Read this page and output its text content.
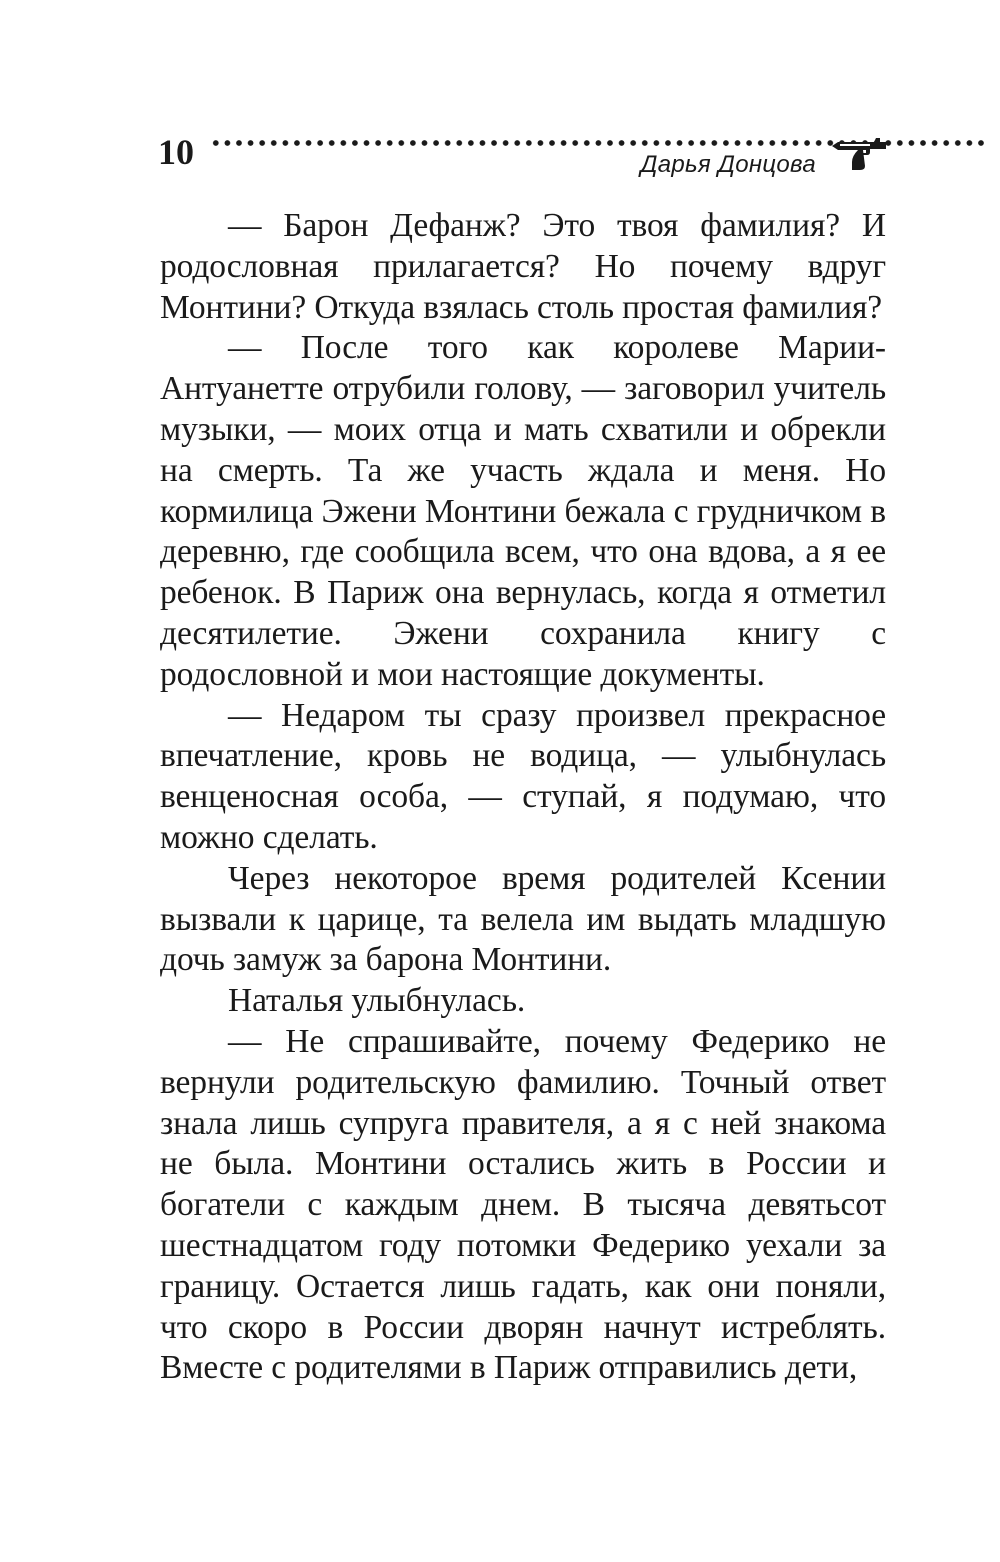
10	Дарья Донцова

— Барон Дефанж? Это твоя фамилия? И родословная прилагается? Но почему вдруг Монтини? Откуда взялась столь простая фамилия?

— После того как королеве Марии-Антуанетте отрубили голову, — заговорил учитель музыки, — моих отца и мать схватили и обрекли на смерть. Та же участь ждала и меня. Но кормилица Эжени Монтини бежала с грудничком в деревню, где сообщила всем, что она вдова, а я ее ребенок. В Париж она вернулась, когда я отметил десятилетие. Эжени сохранила книгу с родословной и мои настоящие документы.

— Недаром ты сразу произвел прекрасное впечатление, кровь не водица, — улыбнулась венценосная особа, — ступай, я подумаю, что можно сделать.

Через некоторое время родителей Ксении вызвали к царице, та велела им выдать младшую дочь замуж за барона Монтини.

Наталья улыбнулась.

— Не спрашивайте, почему Федерико не вернули родительскую фамилию. Точный ответ знала лишь супруга правителя, а я с ней знакома не была. Монтини остались жить в России и богатели с каждым днем. В тысяча девятьсот шестнадцатом году потомки Федерико уехали за границу. Остается лишь гадать, как они поняли, что скоро в России дворян начнут истреблять. Вместе с родителями в Париж отправились дети,
